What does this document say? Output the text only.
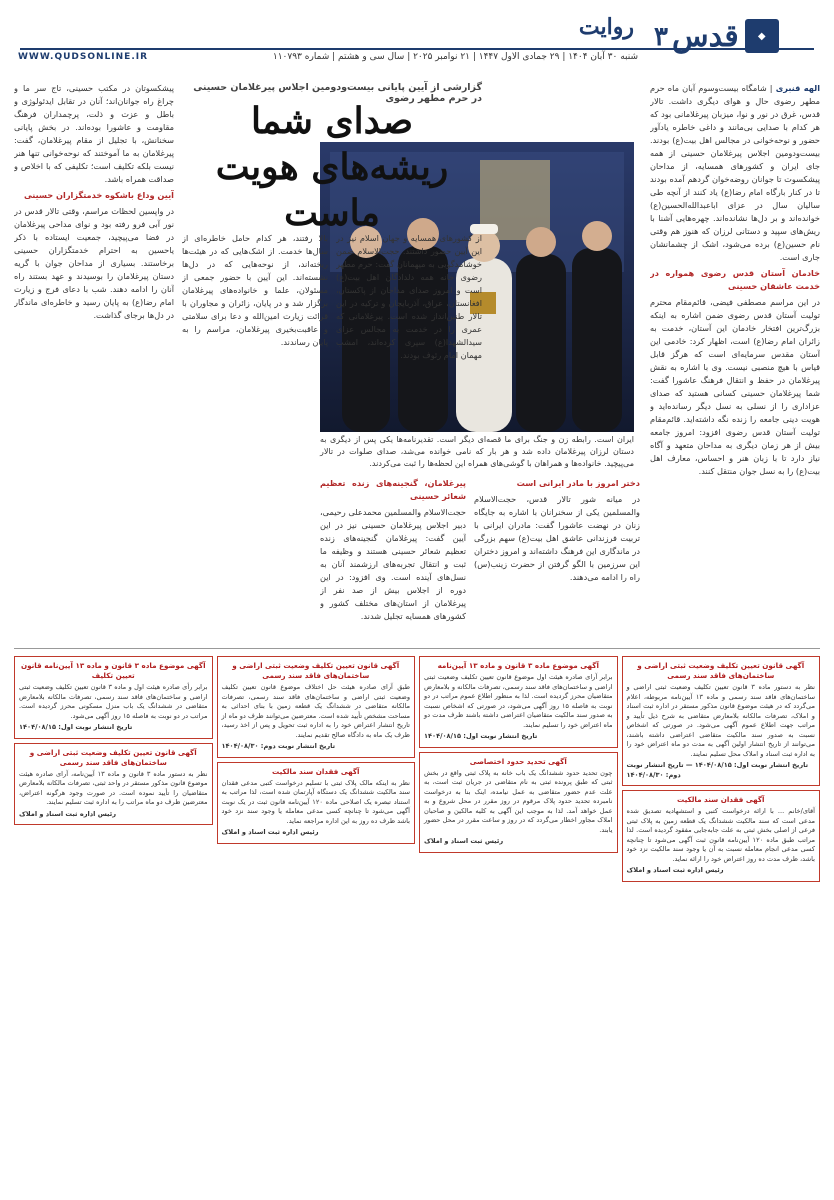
◆
قدس
۳
روایت
WWW.QUDSONLINE.IR	شنبه ۳۰ آبان ۱۴۰۴ | ۲۹ جمادی الاول ۱۴۴۷ | ۲۱ نوامبر ۲۰۲۵ | سال سی و هشتم | شماره ۱۱۰۷۹۳
الهه قنبری | شامگاه بیست‌وسوم آبان ماه حرم مطهر رضوی حال و هوای دیگری داشت. تالار قدس، غرق در نور و نوا، میزبان پیرغلامانی بود که هر کدام با صدایی بی‌مانند و داغی خاطره یادآور حضور و نوحه‌خوانی در مجالس اهل بیت(ع) بودند. بیست‌ودومین اجلاس پیرغلامان حسینی از همه جای ایران و کشورهای همسایه، از مداحان پیشکسوت تا جوانان روضه‌خوان گردهم آمده بودند تا در کنار بارگاه امام رضا(ع) یاد کنند از آنچه طی سالیان سال در عزای اباعبدالله‌الحسین(ع) خوانده‌اند و بر دل‌ها نشانده‌اند. چهره‌هایی آشنا با ریش‌های سپید و دستانی لرزان که هنوز هم وقتی نام حسین(ع) برده می‌شود، اشک از چشمانشان جاری است.
خادمان آستان قدس رضوی همواره در خدمت عاشقان حسینی
در این مراسم مصطفی فیضی، قائم‌مقام محترم تولیت آستان قدس رضوی ضمن اشاره به اینکه بزرگ‌ترین افتخار خادمان این آستان، خدمت به زائران امام رضا(ع) است، اظهار کرد: خادمی این آستان مقدس سرمایه‌ای است که هرگز قابل قیاس با هیچ منصبی نیست. وی با اشاره به نقش پیرغلامان در حفظ و انتقال فرهنگ عاشورا گفت: شما پیرغلامان حسینی کسانی هستید که صدای عزاداری را از نسلی به نسل دیگر رسانده‌اید و هویت دینی جامعه را زنده نگه داشته‌اید. قائم‌مقام تولیت آستان قدس رضوی افزود: امروز جامعه بیش از هر زمان دیگری به مداحان متعهد و آگاه نیاز دارد تا با زبان هنر و احساس، معارف اهل بیت(ع) را به نسل جوان منتقل کنند.
ایران است. رابطه زن و جنگ برای ما قصه‌ای دیگر است. تقدیرنامه‌ها یکی پس از دیگری به دستان لرزان پیرغلامان داده شد و هر بار که نامی خوانده می‌شد، صدای صلوات در تالار می‌پیچید. خانواده‌ها و همراهان با گوشی‌های همراه این لحظه‌ها را ثبت می‌کردند.
دختر امروز با مادر ایرانی است
در میانه شور تالار قدس، حجت‌الاسلام والمسلمین یکی از سخنرانان با اشاره به جایگاه زنان در نهضت عاشورا گفت: مادران ایرانی با تربیت فرزندانی عاشق اهل بیت(ع) سهم بزرگی در ماندگاری این فرهنگ داشته‌اند و امروز دختران این سرزمین با الگو گرفتن از حضرت زینب(س) راه را ادامه می‌دهند.
پیرغلامان، گنجینه‌های زنده تعظیم شعائر حسینی
حجت‌الاسلام والمسلمین محمدعلی رحیمی، دبیر اجلاس پیرغلامان حسینی نیز در این آیین گفت: پیرغلامان گنجینه‌های زنده تعظیم شعائر حسینی هستند و وظیفه ما ثبت و انتقال تجربه‌های ارزشمند آنان به نسل‌های آینده است. وی افزود: در این دوره از اجلاس بیش از صد نفر از پیرغلامان از استان‌های مختلف کشور و کشورهای همسایه تجلیل شدند.
گزارشی از آیین پایانی بیست‌ودومین اجلاس پیرغلامان حسینی در حرم مطهر رضوی
صدای شما ریشه‌های هویت ماست
از کشورهای همسایه و جهان اسلام نیز در این آیین حضور داشتند. حجت‌الاسلام ضمن خوشامدگویی به میهمانان گفت: حرم مطهر رضوی خانه همه دلدادگان اهل بیت(ع) است و امروز صدای مداحان از پاکستان، افغانستان، عراق، آذربایجان و ترکیه در این تالار طنین‌انداز شده است. پیرغلامانی که عمری را در خدمت به مجالس عزای سیدالشهدا(ع) سپری کرده‌اند، امشب مهمان امام رئوف بودند.
بالا رفتند، هر کدام حامل خاطره‌ای از سال‌ها خدمت. از اشک‌هایی که در هیئت‌ها ریخته‌اند، از نوحه‌هایی که در دل‌ها نشسته‌اند. این آیین با حضور جمعی از مسئولان، علما و خانواده‌های پیرغلامان برگزار شد و در پایان، زائران و مجاوران با قرائت زیارت امین‌الله و دعا برای سلامتی و عاقبت‌بخیری پیرغلامان، مراسم را به پایان رساندند.
پیشکسوتان در مکتب حسینی، تاج سر ما و چراغ راه جوانان‌اند؛ آنان در تقابل ایدئولوژی و باطل و عزت و ذلت، پرچمداران فرهنگ مقاومت و عاشورا بوده‌اند. در بخش پایانی سخنانش، با تجلیل از مقام پیرغلامان، گفت: پیرغلامان به ما آموختند که نوحه‌خوانی تنها هنر نیست بلکه تکلیف است؛ تکلیفی که با اخلاص و صداقت همراه باشد.
آیین وداع باشکوه خدمتگزاران حسینی
در واپسین لحظات مراسم، وقتی تالار قدس در نور آبی فرو رفته بود و نوای مداحی پیرغلامان در فضا می‌پیچید، جمعیت ایستاده با ذکر یاحسین به احترام خدمتگزاران حسینی برخاستند. بسیاری از مداحان جوان با گریه دستان پیرغلامان را بوسیدند و عهد بستند راه آنان را ادامه دهند. شب با دعای فرج و زیارت امام رضا(ع) به پایان رسید و خاطره‌ای ماندگار در دل‌ها برجای گذاشت.
آگهی قانون تعیین تکلیف وضعیت ثبتی اراضی و ساختمان‌های فاقد سند رسمی
نظر به دستور ماده ۳ قانون تعیین تکلیف وضعیت ثبتی اراضی و ساختمان‌های فاقد سند رسمی و ماده ۱۳ آیین‌نامه مربوطه، اعلام می‌گردد که در هیئت موضوع قانون مذکور مستقر در اداره ثبت اسناد و املاک، تصرفات مالکانه بلامعارض متقاضی به شرح ذیل تأیید و مراتب جهت اطلاع عموم آگهی می‌شود. در صورتی که اشخاص نسبت به صدور سند مالکیت متقاضی اعتراضی داشته باشند، می‌توانند از تاریخ انتشار اولین آگهی به مدت دو ماه اعتراض خود را به اداره ثبت اسناد و املاک محل تسلیم نمایند.
تاریخ انتشار نوبت اول: ۱۴۰۴/۰۸/۱۵ — تاریخ انتشار نوبت دوم: ۱۴۰۴/۰۸/۳۰
آگهی فقدان سند مالکیت
آقای/خانم ... با ارائه درخواست کتبی و استشهادیه تصدیق شده مدعی است که سند مالکیت ششدانگ یک قطعه زمین به پلاک ثبتی فرعی از اصلی بخش ثبتی به علت جابه‌جایی مفقود گردیده است. لذا مراتب طبق ماده ۱۲۰ آیین‌نامه قانون ثبت آگهی می‌شود تا چنانچه کسی مدعی انجام معامله نسبت به آن یا وجود سند مالکیت نزد خود باشد، ظرف مدت ده روز اعتراض خود را ارائه نماید.
رئیس اداره ثبت اسناد و املاک
آگهی موضوع ماده ۳ قانون و ماده ۱۳ آیین‌نامه
برابر آرای صادره هیئت اول موضوع قانون تعیین تکلیف وضعیت ثبتی اراضی و ساختمان‌های فاقد سند رسمی، تصرفات مالکانه و بلامعارض متقاضیان محرز گردیده است. لذا به منظور اطلاع عموم مراتب در دو نوبت به فاصله ۱۵ روز آگهی می‌شود، در صورتی که اشخاص نسبت به صدور سند مالکیت متقاضیان اعتراضی داشته باشند ظرف مدت دو ماه اعتراض خود را تسلیم نمایند.
تاریخ انتشار نوبت اول: ۱۴۰۴/۰۸/۱۵
آگهی تحدید حدود اختصاصی
چون تحدید حدود ششدانگ یک باب خانه به پلاک ثبتی واقع در بخش ثبتی که طبق پرونده ثبتی به نام متقاضی در جریان ثبت است، به علت عدم حضور متقاضی به عمل نیامده، اینک بنا به درخواست نامبرده تحدید حدود پلاک مرقوم در روز مقرر در محل شروع و به عمل خواهد آمد. لذا به موجب این آگهی به کلیه مالکین و صاحبان املاک مجاور اخطار می‌گردد که در روز و ساعت مقرر در محل حضور یابند.
رئیس ثبت اسناد و املاک
آگهی قانون تعیین تکلیف وضعیت ثبتی اراضی و ساختمان‌های فاقد سند رسمی
طبق آرای صادره هیئت حل اختلاف موضوع قانون تعیین تکلیف وضعیت ثبتی اراضی و ساختمان‌های فاقد سند رسمی، تصرفات مالکانه متقاضی در ششدانگ یک قطعه زمین با بنای احداثی به مساحت مشخص تأیید شده است. معترضین می‌توانند ظرف دو ماه از تاریخ انتشار اعتراض خود را به اداره ثبت تحویل و پس از اخذ رسید، ظرف یک ماه به دادگاه صالح تقدیم نمایند.
تاریخ انتشار نوبت دوم: ۱۴۰۴/۰۸/۳۰
آگهی فقدان سند مالکیت
نظر به اینکه مالک پلاک ثبتی با تسلیم درخواست کتبی مدعی فقدان سند مالکیت ششدانگ یک دستگاه آپارتمان شده است، لذا مراتب به استناد تبصره یک اصلاحی ماده ۱۲۰ آیین‌نامه قانون ثبت در یک نوبت آگهی می‌شود تا چنانچه کسی مدعی معامله یا وجود سند نزد خود باشد ظرف ده روز به این اداره مراجعه نماید.
رئیس اداره ثبت اسناد و املاک
آگهی موضوع ماده ۳ قانون و ماده ۱۳ آیین‌نامه قانون تعیین تکلیف
برابر رأی صادره هیئت اول و ماده ۳ قانون تعیین تکلیف وضعیت ثبتی اراضی و ساختمان‌های فاقد سند رسمی، تصرفات مالکانه بلامعارض متقاضی در ششدانگ یک باب منزل مسکونی محرز گردیده است. مراتب در دو نوبت به فاصله ۱۵ روز آگهی می‌شود.
تاریخ انتشار نوبت اول: ۱۴۰۴/۰۸/۱۵
آگهی قانون تعیین تکلیف وضعیت ثبتی اراضی و ساختمان‌های فاقد سند رسمی
نظر به دستور ماده ۳ قانون و ماده ۱۳ آیین‌نامه، آرای صادره هیئت موضوع قانون مذکور مستقر در واحد ثبتی، تصرفات مالکانه بلامعارض متقاضیان را تأیید نموده است. در صورت وجود هرگونه اعتراض، معترضین ظرف دو ماه مراتب را به اداره ثبت تسلیم نمایند.
رئیس اداره ثبت اسناد و املاک
